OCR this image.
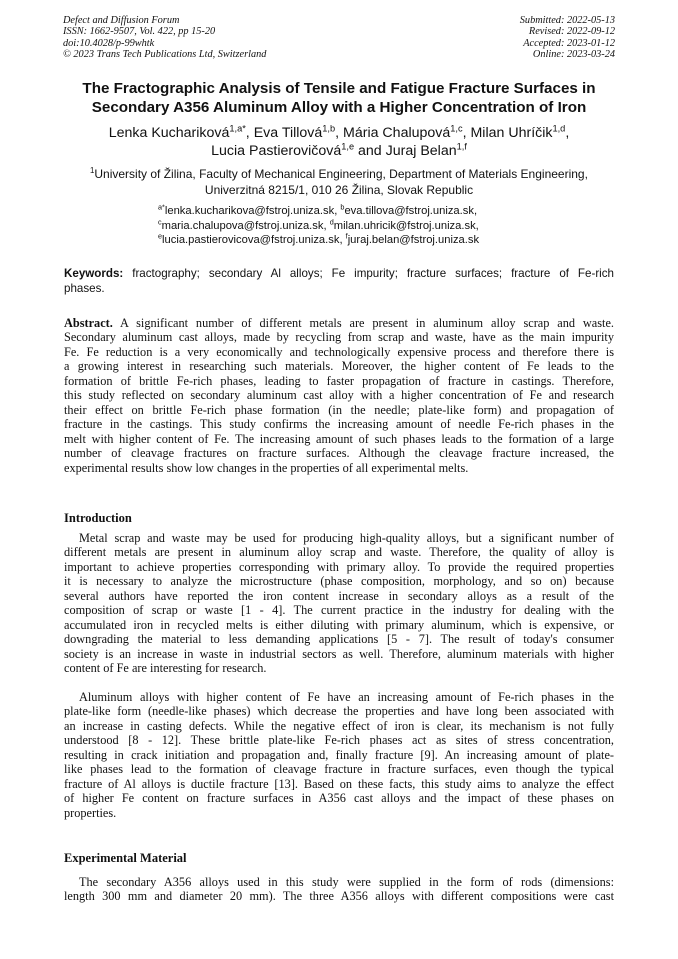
Defect and Diffusion Forum
ISSN: 1662-9507, Vol. 422, pp 15-20
doi:10.4028/p-99whtk
© 2023 Trans Tech Publications Ltd, Switzerland
Submitted: 2022-05-13
Revised: 2022-09-12
Accepted: 2023-01-12
Online: 2023-03-24
The Fractographic Analysis of Tensile and Fatigue Fracture Surfaces in
Secondary A356 Aluminum Alloy with a Higher Concentration of Iron
Lenka Kuchariková$^{1,a*}$, Eva Tillová$^{1,b}$, Mária Chalupová$^{1,c}$, Milan Uhríčik$^{1,d}$,
Lucia Pastierovičová$^{1,e}$ and Juraj Belan$^{1,f}$
$^1$University of Žilina, Faculty of Mechanical Engineering, Department of Materials Engineering,
Univerzitná 8215/1, 010 26 Žilina, Slovak Republic
$^{a*}$lenka.kucharikova@fstroj.uniza.sk, $^b$eva.tillova@fstroj.uniza.sk,
$^c$maria.chalupova@fstroj.uniza.sk, $^d$milan.uhricik@fstroj.uniza.sk,
$^e$lucia.pastierovicova@fstroj.uniza.sk, $^f$juraj.belan@fstroj.uniza.sk
Keywords: fractography; secondary Al alloys; Fe impurity; fracture surfaces; fracture of Fe-rich
phases.
Abstract. A significant number of different metals are present in aluminum alloy scrap and waste.
Secondary aluminum cast alloys, made by recycling from scrap and waste, have as the main impurity
Fe. Fe reduction is a very economically and technologically expensive process and therefore there is
a growing interest in researching such materials. Moreover, the higher content of Fe leads to the
formation of brittle Fe-rich phases, leading to faster propagation of fracture in castings. Therefore,
this study reflected on secondary aluminum cast alloy with a higher concentration of Fe and research
their effect on brittle Fe-rich phase formation (in the needle; plate-like form) and propagation of
fracture in the castings. This study confirms the increasing amount of needle Fe-rich phases in the
melt with higher content of Fe. The increasing amount of such phases leads to the formation of a large
number of cleavage fractures on fracture surfaces. Although the cleavage fracture increased, the
experimental results show low changes in the properties of all experimental melts.
Introduction
Metal scrap and waste may be used for producing high-quality alloys, but a significant number of
different metals are present in aluminum alloy scrap and waste. Therefore, the quality of alloy is
important to achieve properties corresponding with primary alloy. To provide the required properties
it is necessary to analyze the microstructure (phase composition, morphology, and so on) because
several authors have reported the iron content increase in secondary alloys as a result of the
composition of scrap or waste [1 - 4]. The current practice in the industry for dealing with the
accumulated iron in recycled melts is either diluting with primary aluminum, which is expensive, or
downgrading the material to less demanding applications [5 - 7]. The result of today's consumer
society is an increase in waste in industrial sectors as well. Therefore, aluminum materials with higher
content of Fe are interesting for research.
Aluminum alloys with higher content of Fe have an increasing amount of Fe-rich phases in the
plate-like form (needle-like phases) which decrease the properties and have long been associated with
an increase in casting defects. While the negative effect of iron is clear, its mechanism is not fully
understood [8 - 12]. These brittle plate-like Fe-rich phases act as sites of stress concentration,
resulting in crack initiation and propagation and, finally fracture [9]. An increasing amount of plate-
like phases lead to the formation of cleavage fracture in fracture surfaces, even though the typical
fracture of Al alloys is ductile fracture [13]. Based on these facts, this study aims to analyze the effect
of higher Fe content on fracture surfaces in A356 cast alloys and the impact of these phases on
properties.
Experimental Material
The secondary A356 alloys used in this study were supplied in the form of rods (dimensions:
length 300 mm and diameter 20 mm). The three A356 alloys with different compositions were cast
